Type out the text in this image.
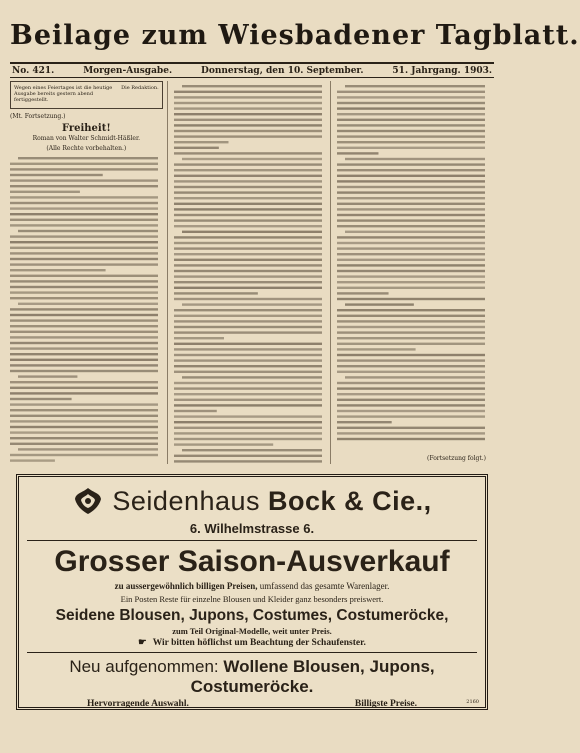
Beilage zum Wiesbadener Tagblatt.
No. 421.	Morgen-Ausgabe.	Donnerstag, den 10. September.	51. Jahrgang. 1903.
Wegen eines Feiertages ist die heutige Ausgabe bereits gestern abend fertiggestellt.
Die Redaktion.
(Mt. Fortsetzung.)
Freiheit!
Roman von Walter Schmidt-Häßler.
(Alle Rechte vorbehalten.)
(Fortsetzung folgt.)
Seidenhaus Bock & Cie.,
6. Wilhelmstrasse 6.
Grosser Saison-Ausverkauf
zu aussergewöhnlich billigen Preisen, umfassend das gesamte Warenlager.
Ein Posten Reste für einzelne Blousen und Kleider ganz besonders preiswert.
Seidene Blousen, Jupons, Costumes, Costumeröcke,
zum Teil Original-Modelle, weit unter Preis.
☛ Wir bitten höflichst um Beachtung der Schaufenster.
Neu aufgenommen: Wollene Blousen, Jupons, Costumeröcke.
Hervorragende Auswahl.	Billigste Preise.	2160
